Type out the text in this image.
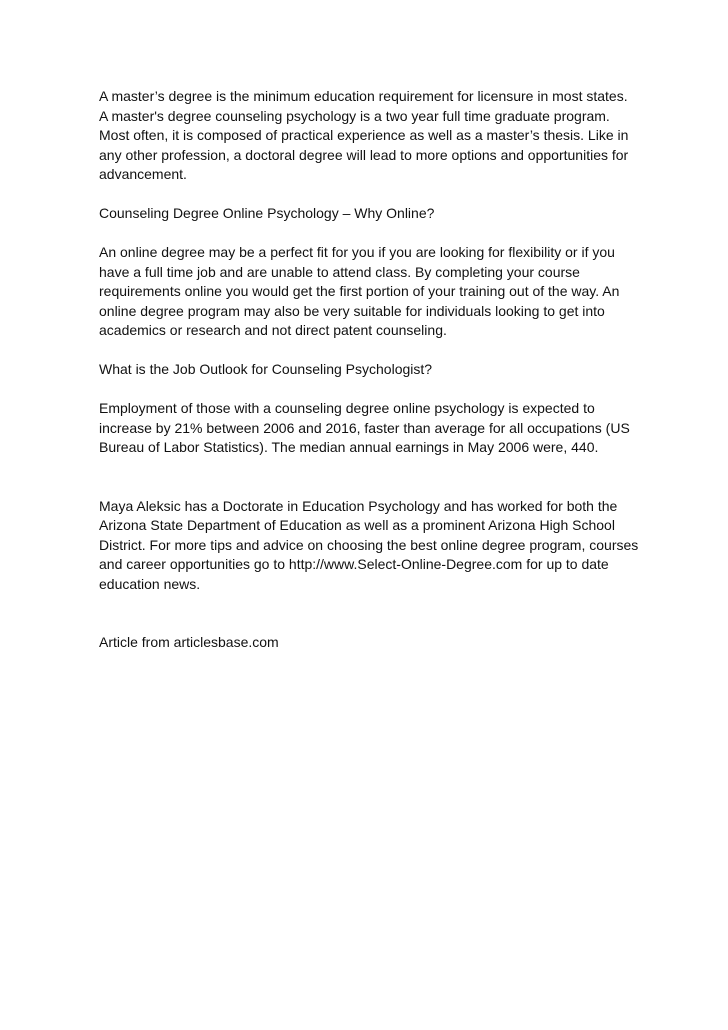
A master’s degree is the minimum education requirement for licensure in most states. A master's degree counseling psychology is a two year full time graduate program. Most often, it is composed of practical experience as well as a master’s thesis. Like in any other profession, a doctoral degree will lead to more options and opportunities for advancement.

Counseling Degree Online Psychology – Why Online?

An online degree may be a perfect fit for you if you are looking for flexibility or if you have a full time job and are unable to attend class. By completing your course requirements online you would get the first portion of your training out of the way. An online degree program may also be very suitable for individuals looking to get into academics or research and not direct patent counseling.

What is the Job Outlook for Counseling Psychologist?

Employment of those with a counseling degree online psychology is expected to increase by 21% between 2006 and 2016, faster than average for all occupations (US Bureau of Labor Statistics). The median annual earnings in May 2006 were, 440.

Maya Aleksic has a Doctorate in Education Psychology and has worked for both the Arizona State Department of Education as well as a prominent Arizona High School District. For more tips and advice on choosing the best online degree program, courses and career opportunities go to http://www.Select-Online-Degree.com for up to date education news.

Article from articlesbase.com
